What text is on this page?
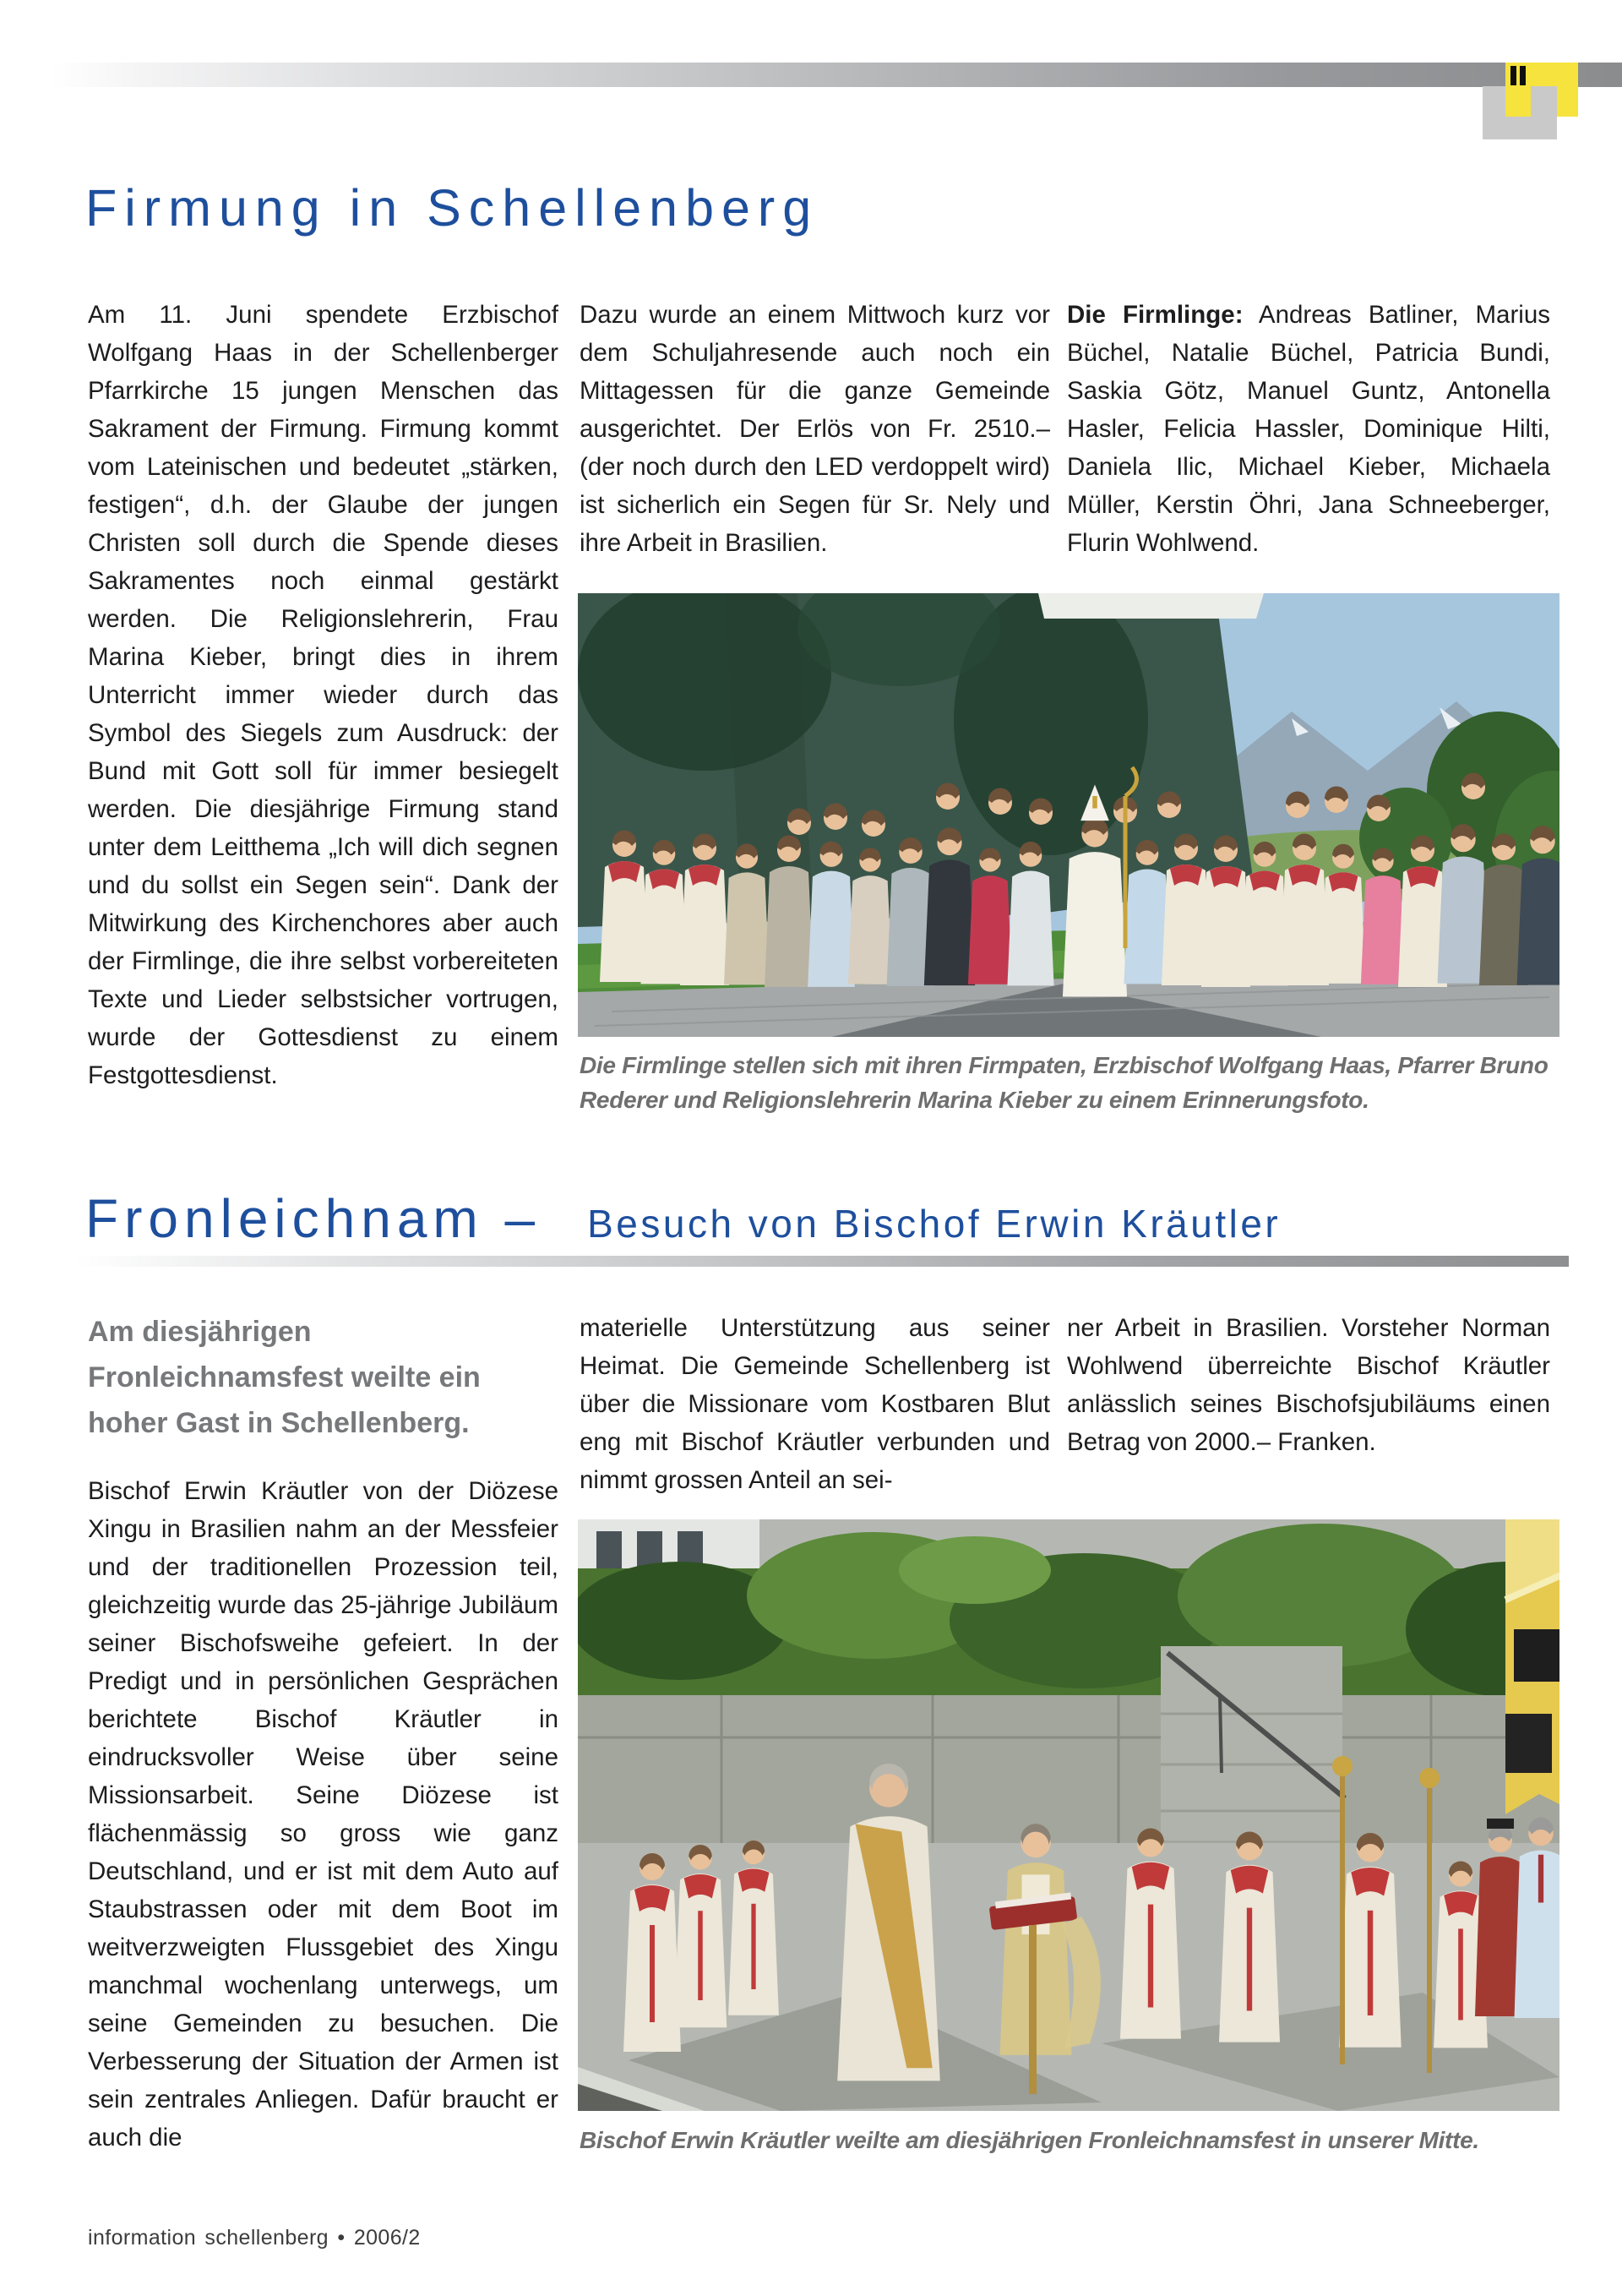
Firmung in Schellenberg
Am 11. Juni spendete Erzbischof Wolfgang Haas in der Schellenberger Pfarrkirche 15 jungen Menschen das Sakrament der Firmung. Firmung kommt vom Lateinischen und bedeutet „stärken, festigen“, d.h. der Glaube der jungen Christen soll durch die Spende dieses Sakramentes noch einmal gestärkt werden. Die Religionslehrerin, Frau Marina Kieber, bringt dies in ihrem Unterricht immer wieder durch das Symbol des Siegels zum Ausdruck: der Bund mit Gott soll für immer besiegelt werden. Die diesjährige Firmung stand unter dem Leitthema „Ich will dich segnen und du sollst ein Segen sein“. Dank der Mitwirkung des Kirchenchores aber auch der Firmlinge, die ihre selbst vorbereiteten Texte und Lieder selbstsicher vortrugen, wurde der Gottesdienst zu einem Festgottesdienst.
Dazu wurde an einem Mittwoch kurz vor dem Schuljahresende auch noch ein Mittagessen für die ganze Gemeinde ausgerichtet. Der Erlös von Fr. 2510.– (der noch durch den LED verdoppelt wird) ist sicherlich ein Segen für Sr. Nely und ihre Arbeit in Brasilien.
Die Firmlinge: Andreas Batliner, Marius Büchel, Natalie Büchel, Patricia Bundi, Saskia Götz, Manuel Guntz, Antonella Hasler, Felicia Hassler, Dominique Hilti, Daniela Ilic, Michael Kieber, Michaela Müller, Kerstin Öhri, Jana Schneeberger, Flurin Wohlwend.
Die Firmlinge stellen sich mit ihren Firmpaten, Erzbischof Wolfgang Haas, Pfarrer Bruno Rederer und Religionslehrerin Marina Kieber zu einem Erinnerungsfoto.
Fronleichnam – Besuch von Bischof Erwin Kräutler
Am diesjährigen Fronleichnamsfest weilte ein hoher Gast in Schellenberg.
Bischof Erwin Kräutler von der Diözese Xingu in Brasilien nahm an der Messfeier und der traditionellen Prozession teil, gleichzeitig wurde das 25-jährige Jubiläum seiner Bischofsweihe gefeiert. In der Predigt und in persönlichen Gesprächen berichtete Bischof Kräutler in eindrucksvoller Weise über seine Missionsarbeit. Seine Diözese ist flächenmässig so gross wie ganz Deutschland, und er ist mit dem Auto auf Staubstrassen oder mit dem Boot im weitverzweigten Flussgebiet des Xingu manchmal wochenlang unterwegs, um seine Gemeinden zu besuchen. Die Verbesserung der Situation der Armen ist sein zentrales Anliegen. Dafür braucht er auch die
materielle Unterstützung aus seiner Heimat. Die Gemeinde Schellenberg ist über die Missionare vom Kostbaren Blut eng mit Bischof Kräutler verbunden und nimmt grossen Anteil an sei-
ner Arbeit in Brasilien. Vorsteher Norman Wohlwend überreichte Bischof Kräutler anlässlich seines Bischofsjubiläums einen Betrag von 2000.– Franken.
Bischof Erwin Kräutler weilte am diesjährigen Fronleichnamsfest in unserer Mitte.
information schellenberg • 2006/2
